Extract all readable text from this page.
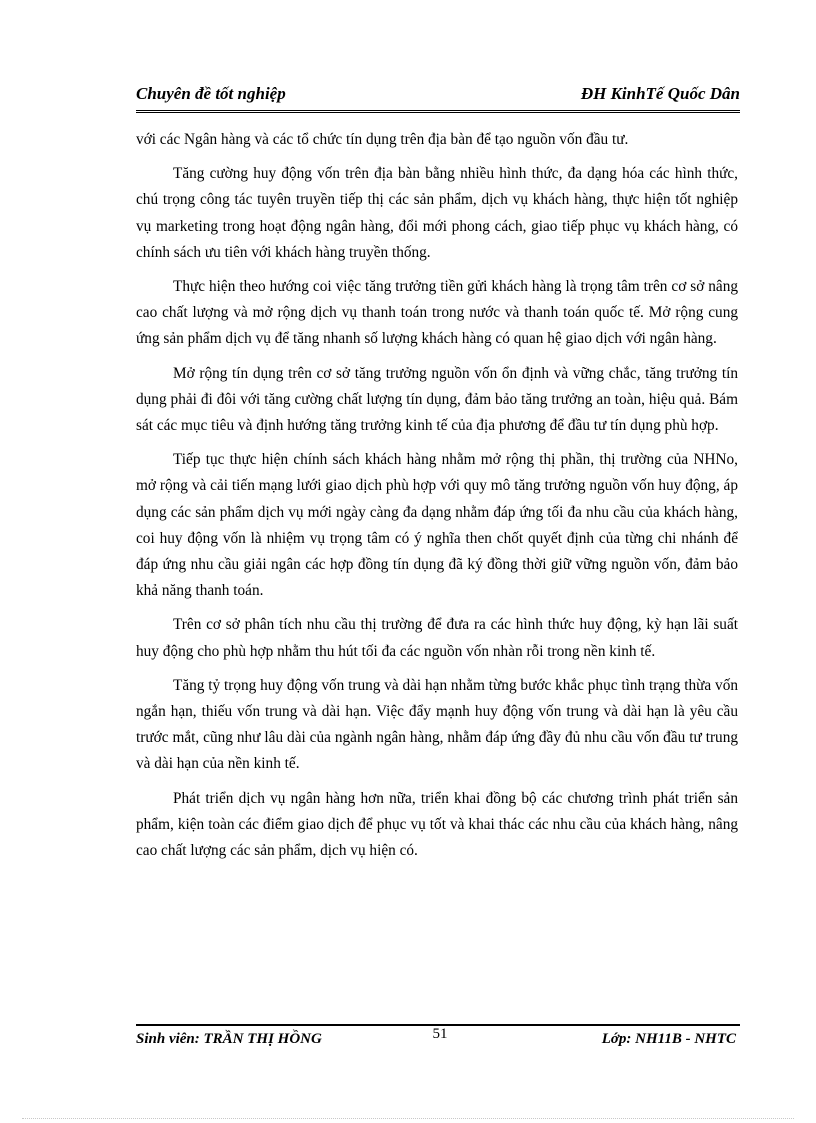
Chuyên đề tốt nghiệp	ĐH KinhTế Quốc Dân

với các Ngân hàng và các tổ chức tín dụng trên địa bàn để tạo nguồn vốn đầu tư.

Tăng cường huy động vốn trên địa bàn bằng nhiều hình thức, đa dạng hóa các hình thức, chú trọng công tác tuyên truyền tiếp thị các sản phẩm, dịch vụ khách hàng, thực hiện tốt nghiệp vụ marketing trong hoạt động ngân hàng, đổi mới phong cách, giao tiếp phục vụ khách hàng, có chính sách ưu tiên với khách hàng truyền thống.

Thực hiện theo hướng coi việc tăng trưởng tiền gửi khách hàng là trọng tâm trên cơ sở nâng cao chất lượng và mở rộng dịch vụ thanh toán trong nước và thanh toán quốc tế. Mở rộng cung ứng sản phẩm dịch vụ để tăng nhanh số lượng khách hàng có quan hệ giao dịch với ngân hàng.

Mở rộng tín dụng trên cơ sở tăng trưởng nguồn vốn ổn định và vững chắc, tăng trưởng tín dụng phải đi đôi với tăng cường chất lượng tín dụng, đảm bảo tăng trưởng an toàn, hiệu quả. Bám sát các mục tiêu và định hướng tăng trưởng kinh tế của địa phương để đầu tư tín dụng phù hợp.

Tiếp tục thực hiện chính sách khách hàng nhằm mở rộng thị phần, thị trường của NHNo, mở rộng và cải tiến mạng lưới giao dịch phù hợp với quy mô tăng trưởng nguồn vốn huy động, áp dụng các sản phẩm dịch vụ mới ngày càng đa dạng nhằm đáp ứng tối đa nhu cầu của khách hàng, coi huy động vốn là nhiệm vụ trọng tâm có ý nghĩa then chốt quyết định của từng chi nhánh để đáp ứng nhu cầu giải ngân các hợp đồng tín dụng đã ký đồng thời giữ vững nguồn vốn, đảm bảo khả năng thanh toán.

Trên cơ sở phân tích nhu cầu thị trường để đưa ra các hình thức huy động, kỳ hạn lãi suất huy động cho phù hợp nhằm thu hút tối đa các nguồn vốn nhàn rỗi trong nền kinh tế.

Tăng tỷ trọng huy động vốn trung và dài hạn nhằm từng bước khắc phục tình trạng thừa vốn ngắn hạn, thiếu vốn trung và dài hạn. Việc đẩy mạnh huy động vốn trung và dài hạn là yêu cầu trước mắt, cũng như lâu dài của ngành ngân hàng, nhằm đáp ứng đầy đủ nhu cầu vốn đầu tư trung và dài hạn của nền kinh tế.

Phát triển dịch vụ ngân hàng hơn nữa, triển khai đồng bộ các chương trình phát triển sản phẩm, kiện toàn các điểm giao dịch để phục vụ tốt và khai thác các nhu cầu của khách hàng, nâng cao chất lượng các sản phẩm, dịch vụ hiện có.

Sinh viên: TRẦN THỊ HỒNG	51	Lớp: NH11B - NHTC
